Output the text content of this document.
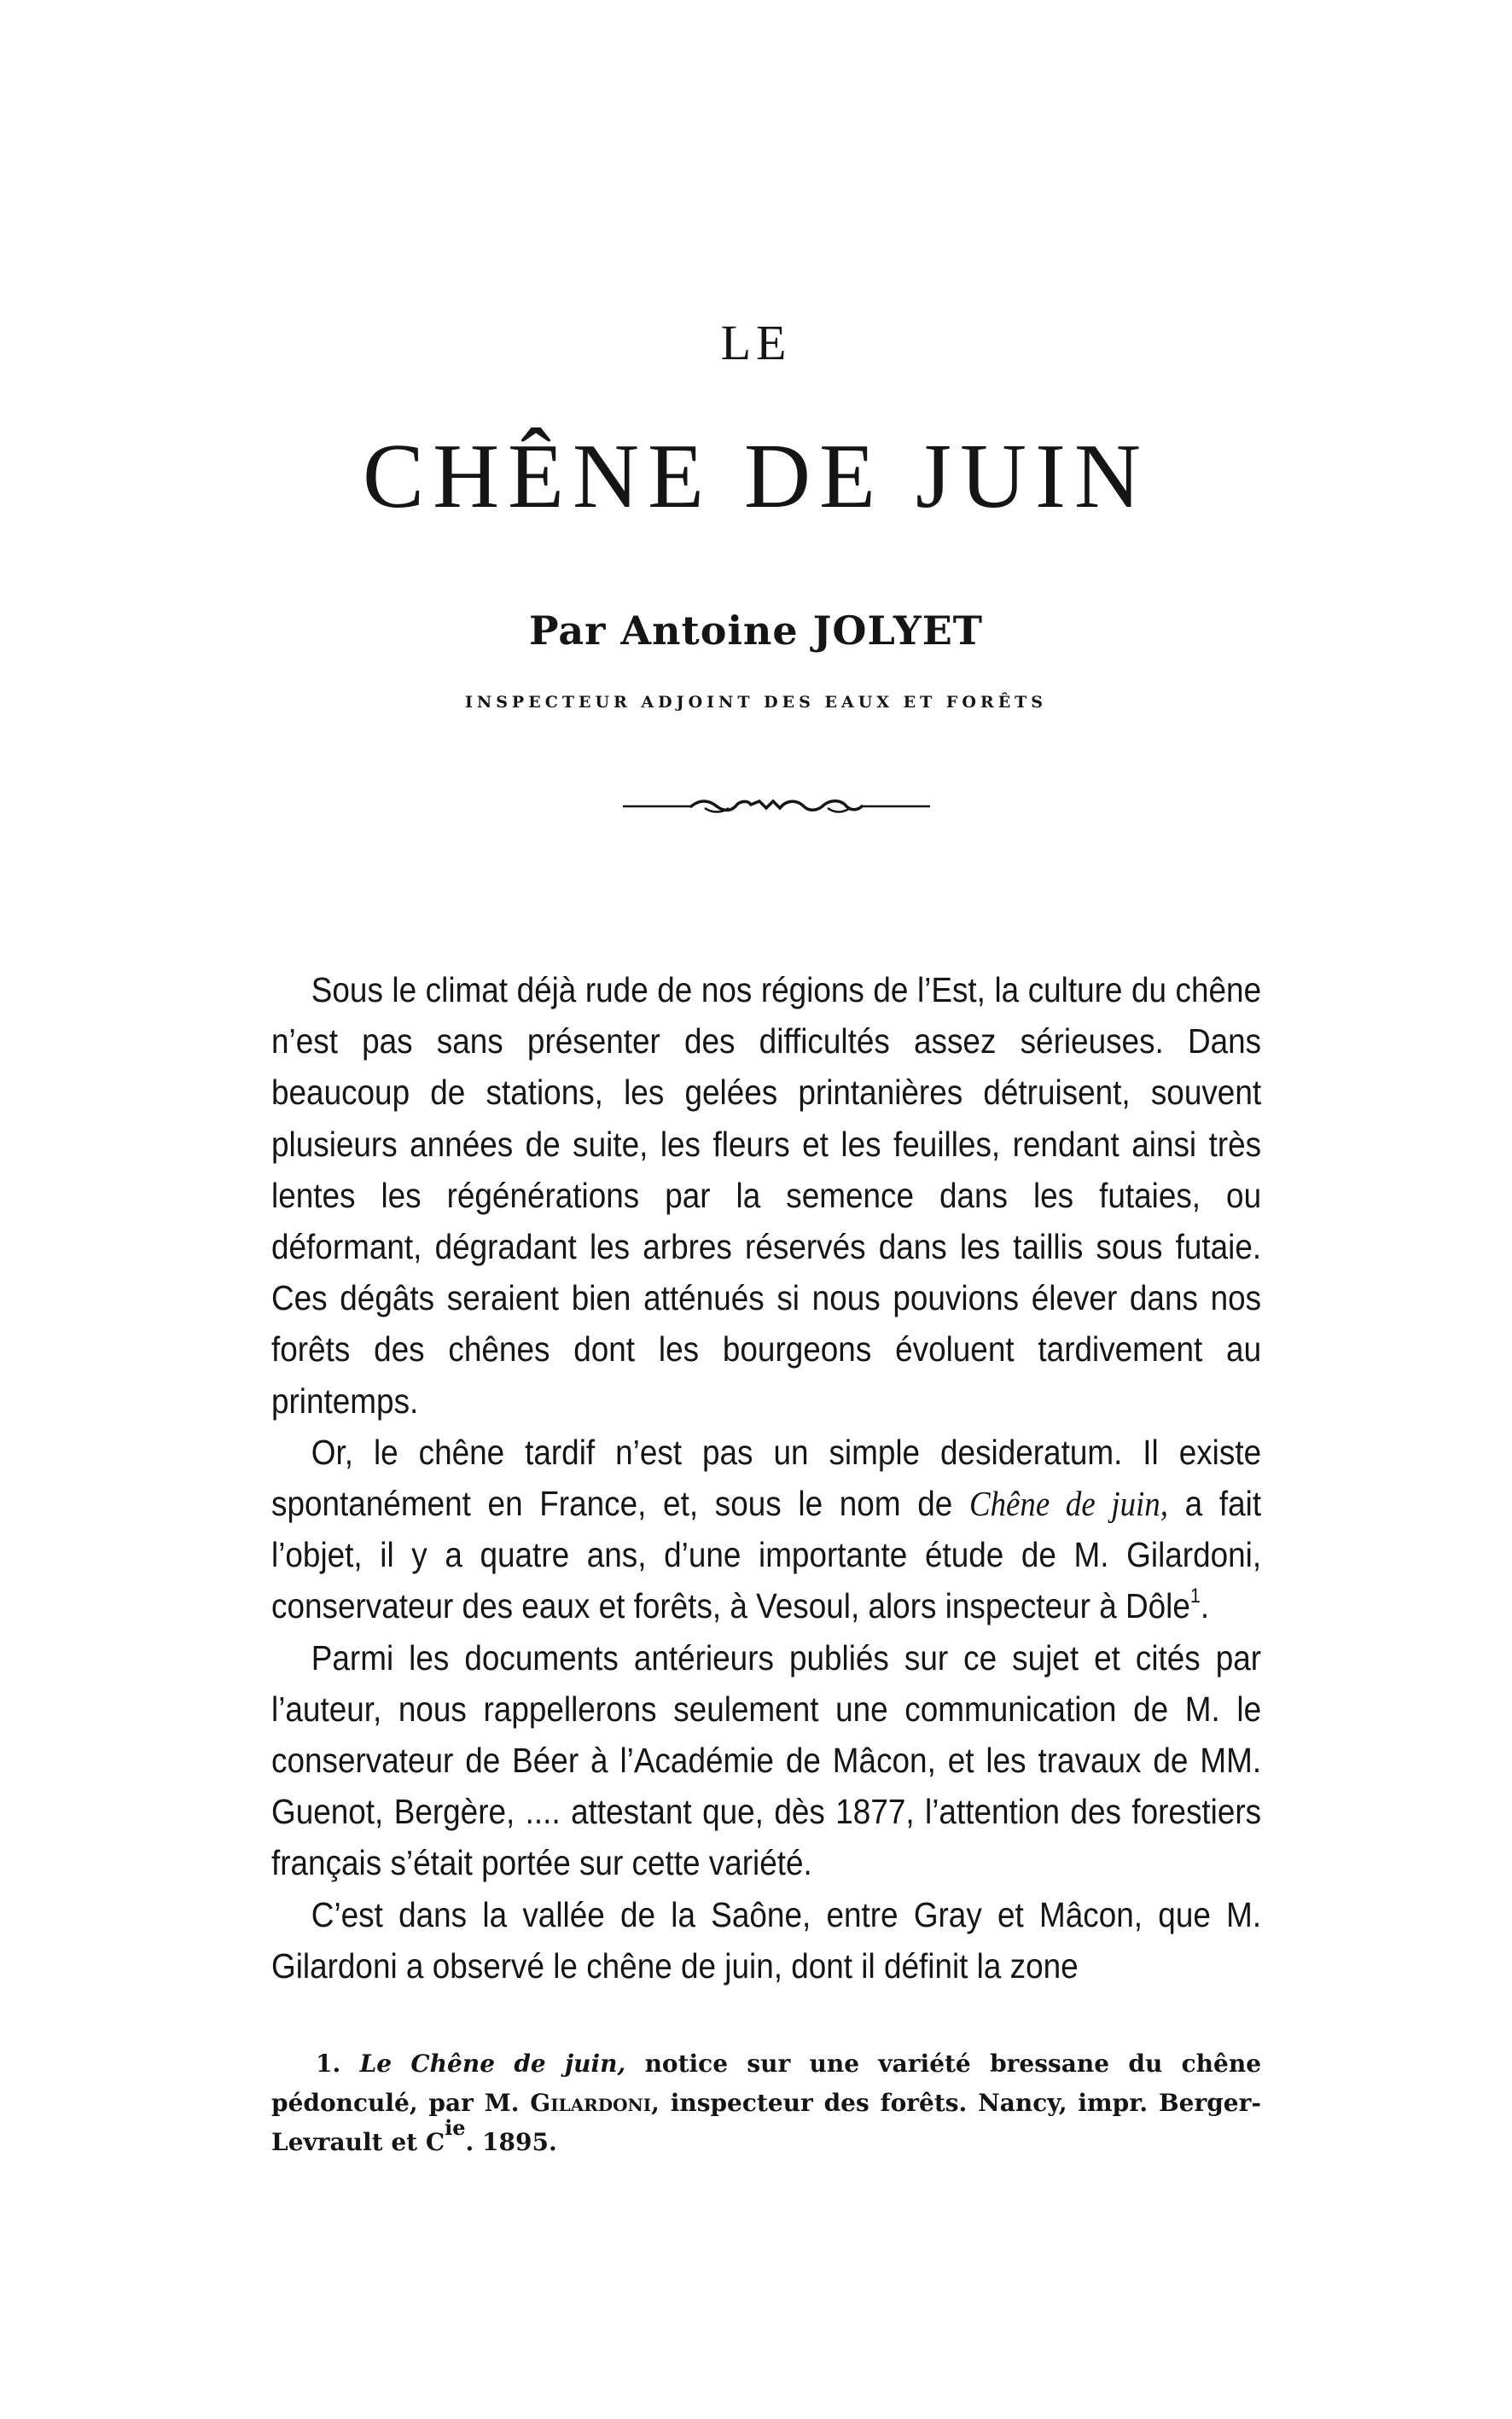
LE
CHÊNE DE JUIN
Par Antoine JOLYET
INSPECTEUR ADJOINT DES EAUX ET FORÊTS

Sous le climat déjà rude de nos régions de l’Est, la culture du chêne n’est pas sans présenter des difficultés assez sérieuses. Dans beaucoup de stations, les gelées printanières détruisent, souvent plusieurs années de suite, les fleurs et les feuilles, rendant ainsi très lentes les régénérations par la semence dans les futaies, ou déformant, dégradant les arbres réservés dans les taillis sous futaie. Ces dégâts seraient bien atténués si nous pouvions élever dans nos forêts des chênes dont les bourgeons évoluent tardivement au printemps.

Or, le chêne tardif n’est pas un simple desideratum. Il existe spontanément en France, et, sous le nom de Chêne de juin, a fait l’objet, il y a quatre ans, d’une importante étude de M. Gilardoni, conservateur des eaux et forêts, à Vesoul, alors inspecteur à Dôle$^1$.

Parmi les documents antérieurs publiés sur ce sujet et cités par l’auteur, nous rappellerons seulement une communication de M. le conservateur de Béer à l’Académie de Mâcon, et les travaux de MM. Guenot, Bergère, .... attestant que, dès 1877, l’attention des forestiers français s’était portée sur cette variété.

C’est dans la vallée de la Saône, entre Gray et Mâcon, que M. Gilardoni a observé le chêne de juin, dont il définit la zone

1. Le Chêne de juin, notice sur une variété bressane du chêne pédonculé, par M. Gilardoni, inspecteur des forêts. Nancy, impr. Berger-Levrault et $C^{ie}$. 1895.
